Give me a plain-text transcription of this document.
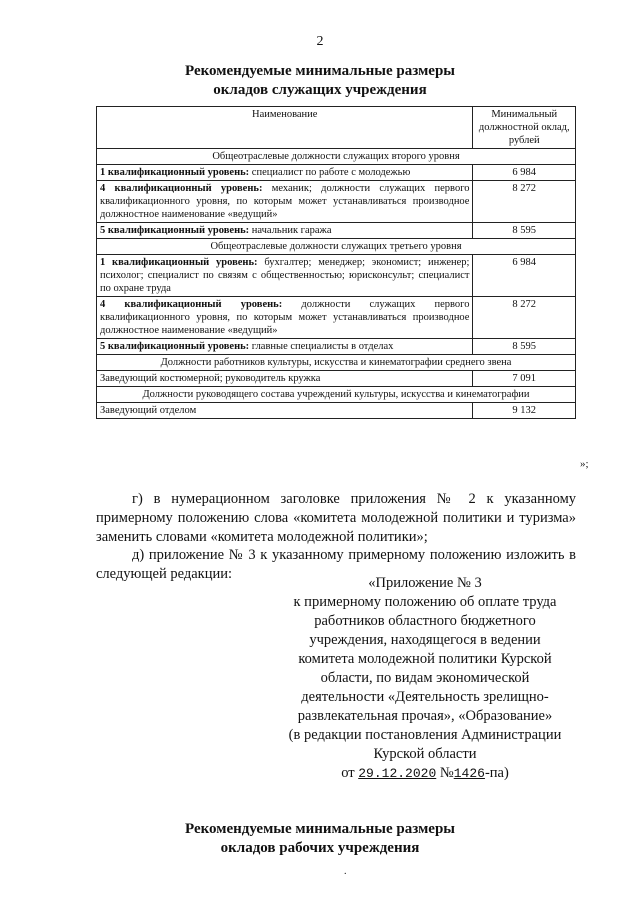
2
Рекомендуемые минимальные размеры
окладов служащих учреждения
Наименование	Минимальный должностной оклад, рублей
Общеотраслевые должности служащих второго уровня	
1 квалификационный уровень: специалист по работе с молодежью	6 984
4 квалификационный уровень: механик; должности служащих первого квалификационного уровня, по которым может устанавливаться производное должностное наименование «ведущий»	8 272
5 квалификационный уровень: начальник гаража	8 595
Общеотраслевые должности служащих третьего уровня	
1 квалификационный уровень: бухгалтер; менеджер; экономист; инженер; психолог; специалист по связям с общественностью; юрисконсульт; специалист по охране труда	6 984
4 квалификационный уровень: должности служащих первого квалификационного уровня, по которым может устанавливаться производное должностное наименование «ведущий»	8 272
5 квалификационный уровень: главные специалисты в отделах	8 595
Должности работников культуры, искусства и кинематографии среднего звена	
Заведующий костюмерной; руководитель кружка	7 091
Должности руководящего состава учреждений культуры, искусства и кинематографии	
Заведующий отделом	9 132
»;
г) в нумерационном заголовке приложения № 2 к указанному примерному положению слова «комитета молодежной политики и туризма» заменить словами «комитета молодежной политики»;
д) приложение № 3 к указанному примерному положению изложить в следующей редакции:
«Приложение № 3
к примерному положению об оплате труда
работников областного бюджетного
учреждения, находящегося в ведении
комитета молодежной политики Курской
области, по видам экономической
деятельности «Деятельность зрелищно-
развлекательная прочая», «Образование»
(в редакции постановления Администрации
Курской области
от 29.12.2020 №1426-па)
Рекомендуемые минимальные размеры
окладов рабочих учреждения
.
